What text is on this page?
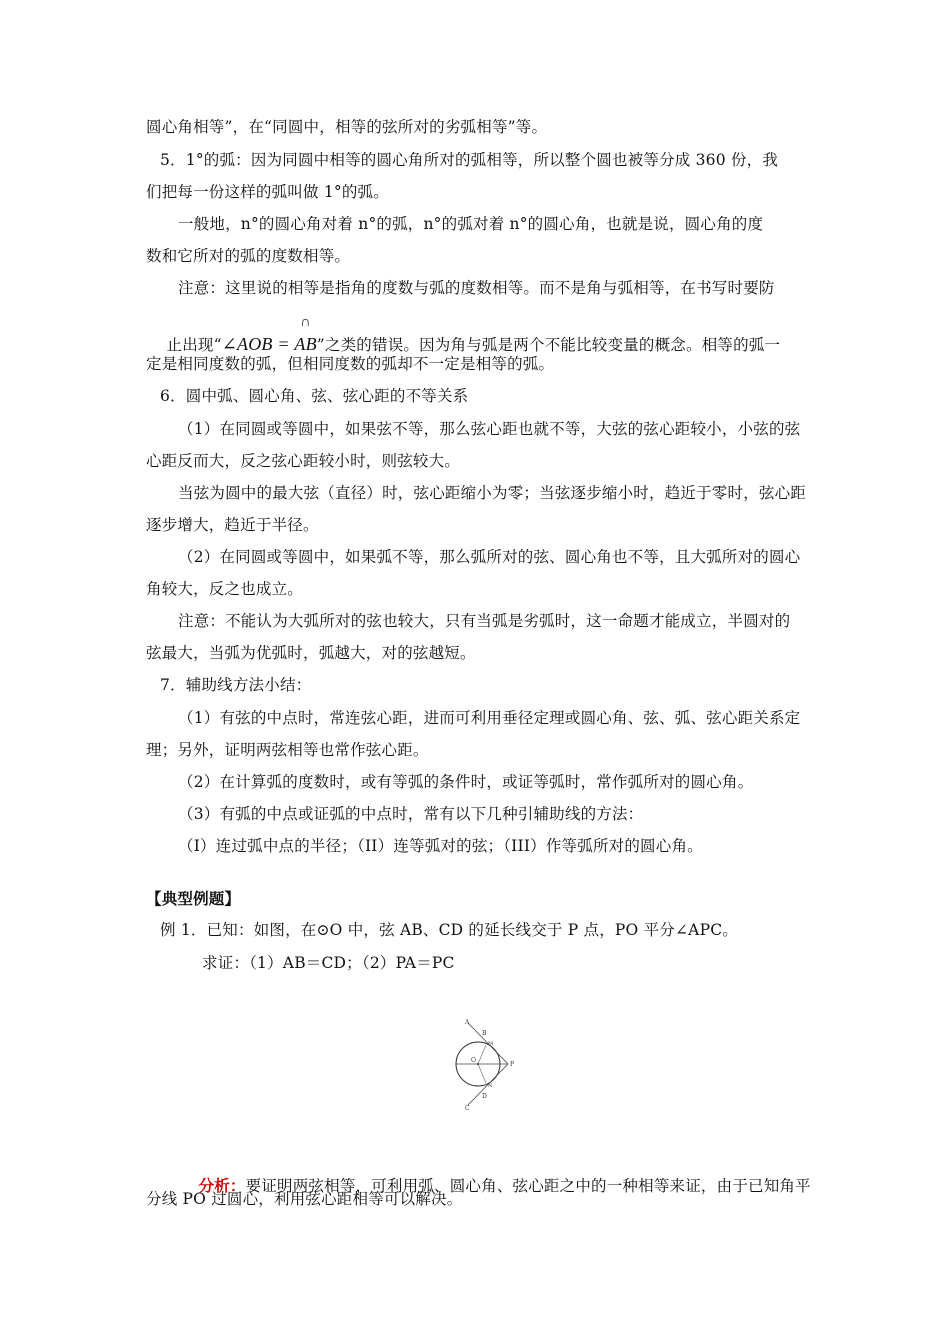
圆心角相等”，在“同圆中，相等的弦所对的劣弧相等”等。
5．1°的弧：因为同圆中相等的圆心角所对的弧相等，所以整个圆也被等分成 360 份，我
们把每一份这样的弧叫做 1°的弧。
一般地，n°的圆心角对着 n°的弧，n°的弧对着 n°的圆心角，也就是说，圆心角的度
数和它所对的弧的度数相等。
注意：这里说的相等是指角的度数与弧的度数相等。而不是角与弧相等，在书写时要防

止出现“∠AOB =
∩
AB”之类的错误。因为角与弧是两个不能比较变量的概念。相等的弧一

定是相同度数的弧，但相同度数的弧却不一定是相等的弧。
6．圆中弧、圆心角、弦、弦心距的不等关系
（1）在同圆或等圆中，如果弦不等，那么弦心距也就不等，大弦的弦心距较小，小弦的弦
心距反而大，反之弦心距较小时，则弦较大。
当弦为圆中的最大弦（直径）时，弦心距缩小为零；当弦逐步缩小时，趋近于零时，弦心距
逐步增大，趋近于半径。
（2）在同圆或等圆中，如果弧不等，那么弧所对的弦、圆心角也不等，且大弧所对的圆心
角较大，反之也成立。
注意：不能认为大弧所对的弦也较大，只有当弧是劣弧时，这一命题才能成立，半圆对的
弦最大，当弧为优弧时，弧越大，对的弦越短。
7．辅助线方法小结：
（1）有弦的中点时，常连弦心距，进而可利用垂径定理或圆心角、弦、弧、弦心距关系定
理；另外，证明两弦相等也常作弦心距。
（2）在计算弧的度数时，或有等弧的条件时，或证等弧时，常作弧所对的圆心角。
（3）有弧的中点或证弧的中点时，常有以下几种引辅助线的方法：
（I）连过弧中点的半径；（II）连等弧对的弦；（III）作等弧所对的圆心角。
【典型例题】
例 1．已知：如图，在⊙O 中，弦 AB、CD 的延长线交于 P 点，PO 平分∠APC。
求证：（1）AB＝CD；（2）PA＝PC
A
B
O
P
C
D
M
N

分析：要证明两弦相等，可利用弧、圆心角、弦心距之中的一种相等来证，由于已知角平

分线 PO 过圆心，利用弦心距相等可以解决。
